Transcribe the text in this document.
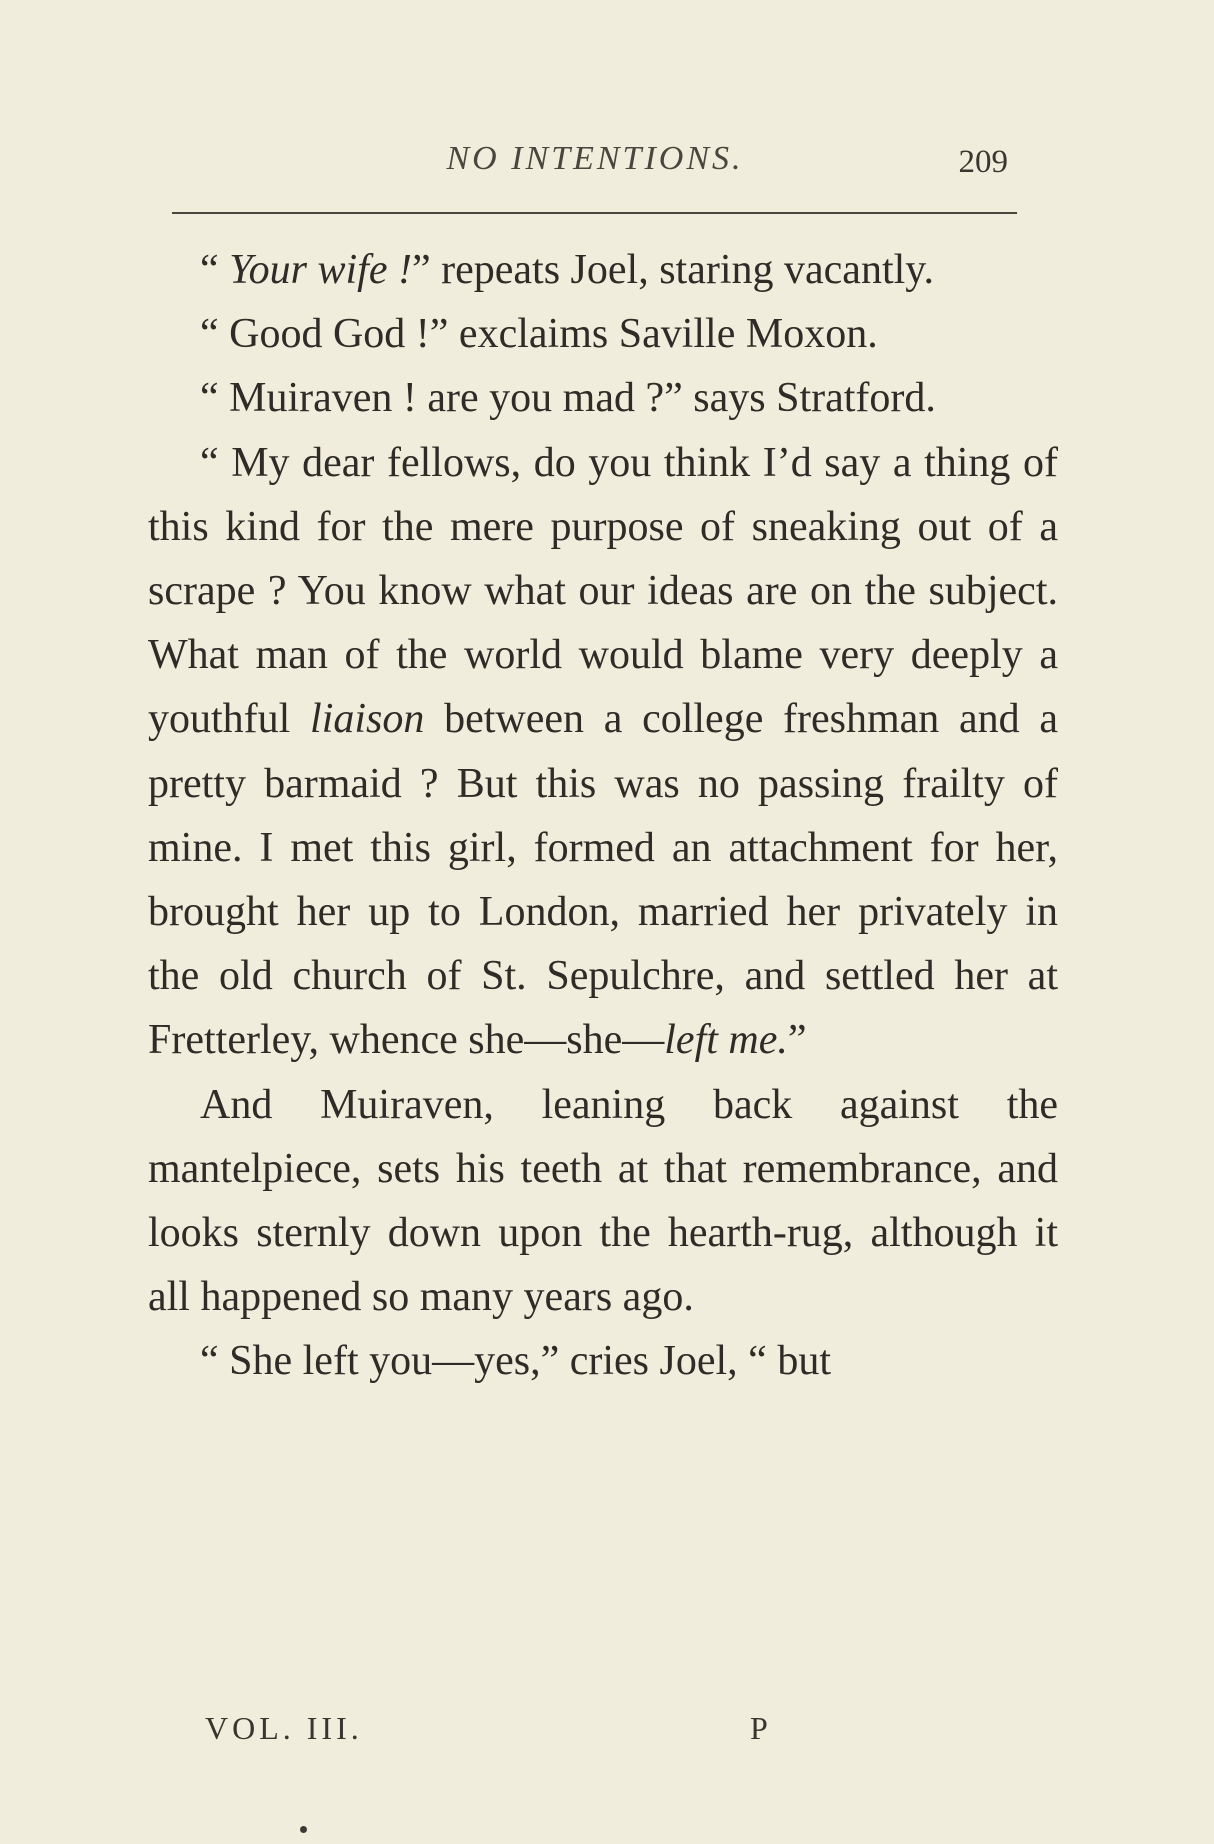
NO INTENTIONS.	209

“ Your wife !” repeats Joel, staring vacantly.

“ Good God !” exclaims Saville Moxon.

“ Muiraven ! are you mad ?” says Stratford.

“ My dear fellows, do you think I’d say a thing of this kind for the mere purpose of sneaking out of a scrape ? You know what our ideas are on the subject. What man of the world would blame very deeply a youthful liaison between a college freshman and a pretty barmaid ? But this was no passing frailty of mine. I met this girl, formed an attachment for her, brought her up to London, married her privately in the old church of St. Sepulchre, and settled her at Fretterley, whence she—she—left me.”

And Muiraven, leaning back against the mantelpiece, sets his teeth at that remembrance, and looks sternly down upon the hearth-rug, although it all happened so many years ago.

“ She left you—yes,” cries Joel, “ but

VOL. III.	P
